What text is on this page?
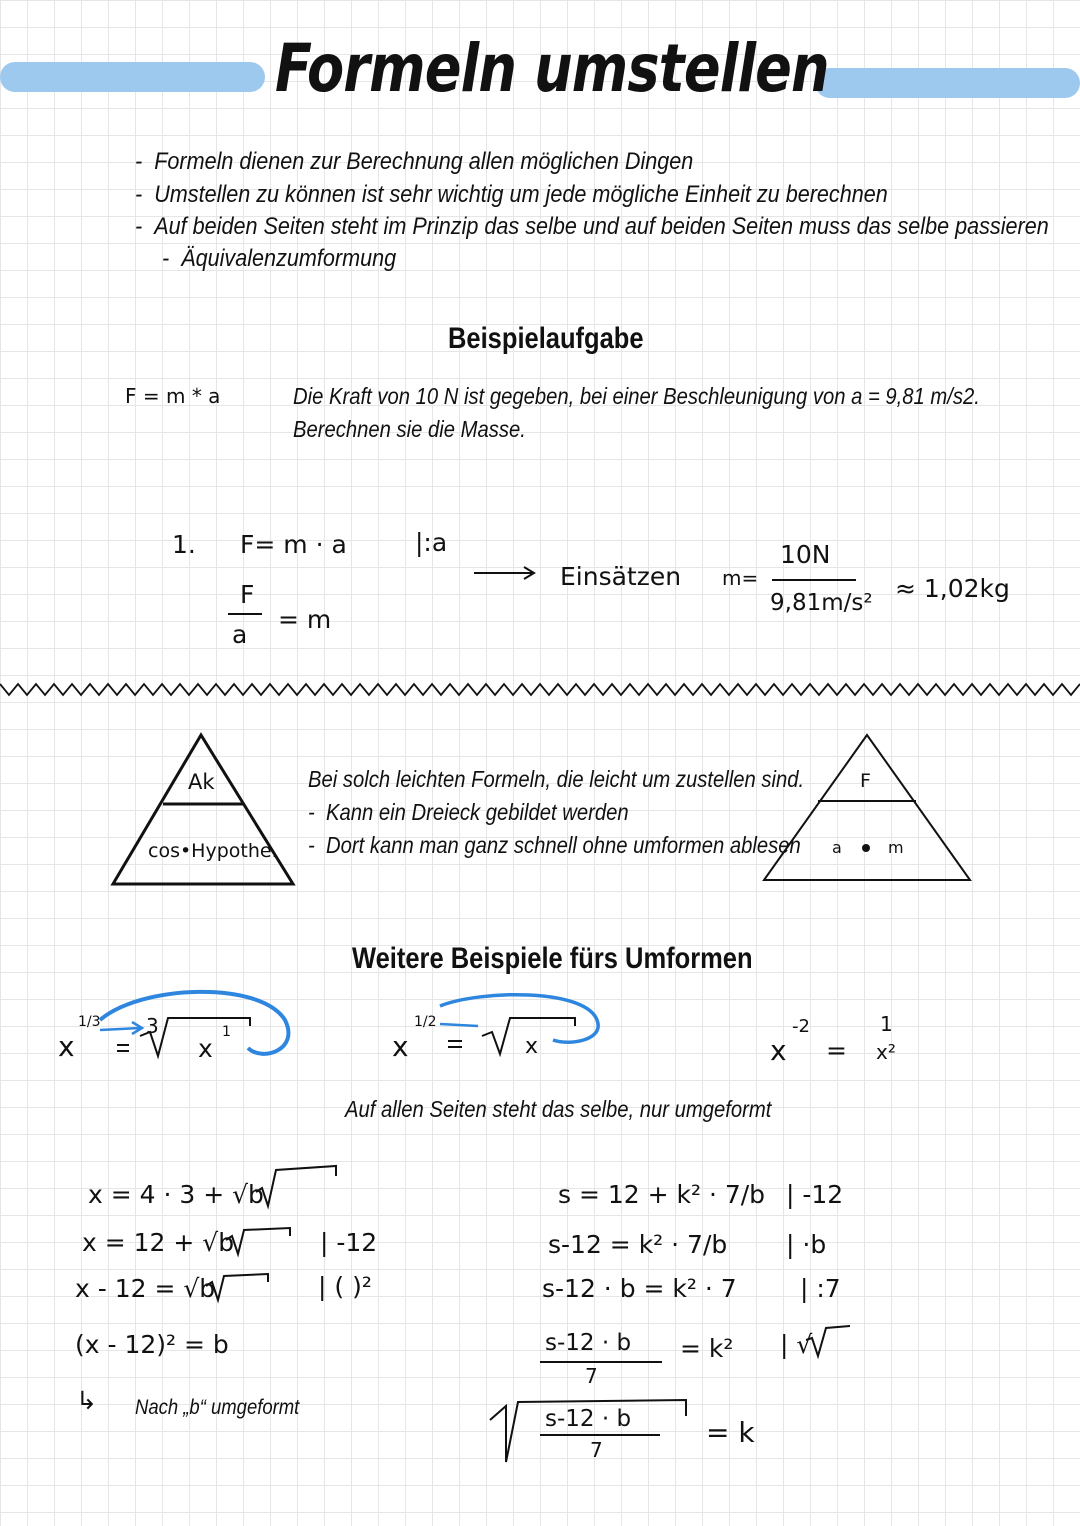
Formeln umstellen
-  Formeln dienen zur Berechnung allen möglichen Dingen
-  Umstellen zu können ist sehr wichtig um jede mögliche Einheit zu berechnen
-  Auf beiden Seiten steht im Prinzip das selbe und auf beiden Seiten muss das selbe passieren
-  Äquivalenzumformung
Beispielaufgabe
F = m * a	Die Kraft von 10 N ist gegeben, bei einer Beschleunigung von a = 9,81 m/s2.
Berechnen sie die Masse.
1. F= m · a	|:a
F
a
= m
Einsätzen m=
10N
9,81m/s² ≈ 1,02kg
Ak
cos•Hypothe.
Bei solch leichten Formeln, die leicht um zustellen sind.
-  Kann ein Dreieck gebildet werden
-  Dort kann man ganz schnell ohne umformen ablesen
F
a	m
Weitere Beispiele fürs Umformen
x
1/3 3
x
1	x
1/2
x	x
-2
=
1
x²
Auf allen Seiten steht das selbe, nur umgeformt
x = 4 · 3 + √b
x = 12 + √b	| -12
x - 12 = √b	| ( )²
(x - 12)² = b
↳ Nach „b“ umgeformt
s = 12 + k² · 7/b | -12
s-12 = k² · 7/b | ·b
s-12 · b = k² · 7	| :7
s-12 · b
7
= k² | √
s-12 · b
7
= k
